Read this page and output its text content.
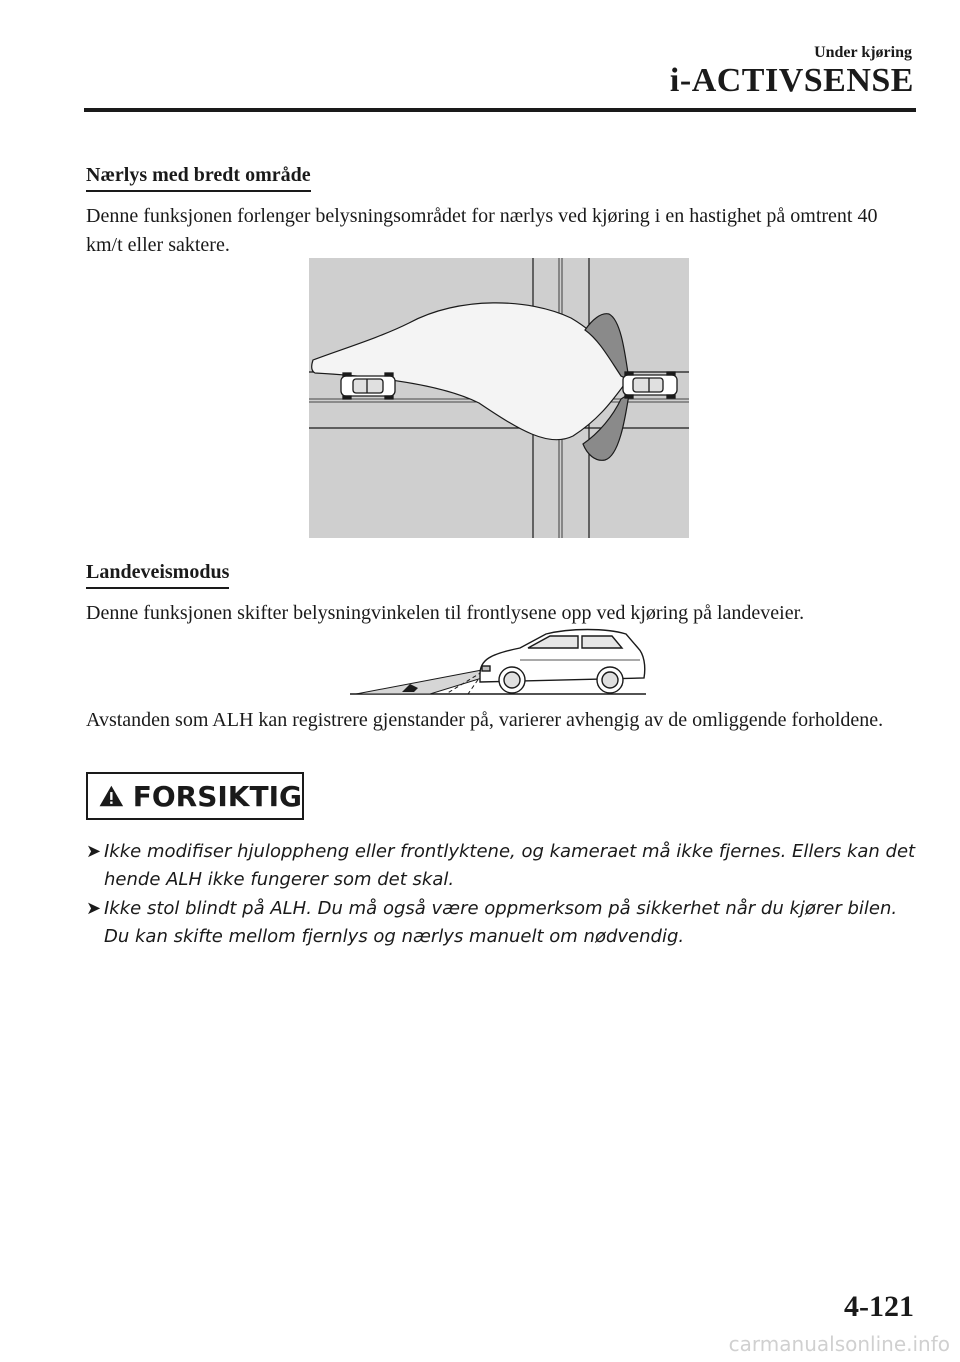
Under kjøring
i-ACTIVSENSE
Nærlys med bredt område
Denne funksjonen forlenger belysningsområdet for nærlys ved kjøring i en hastighet på omtrent 40 km/t eller saktere.
Landeveismodus
Denne funksjonen skifter belysningvinkelen til frontlysene opp ved kjøring på landeveier.
Avstanden som ALH kan registrere gjenstander på, varierer avhengig av de omliggende forholdene.
FORSIKTIG
➤ Ikke modifiser hjuloppheng eller frontlyktene, og kameraet må ikke fjernes. Ellers kan det hende ALH ikke fungerer som det skal.
➤ Ikke stol blindt på ALH. Du må også være oppmerksom på sikkerhet når du kjører bilen. Du kan skifte mellom fjernlys og nærlys manuelt om nødvendig.
4-121
carmanualsonline.info
